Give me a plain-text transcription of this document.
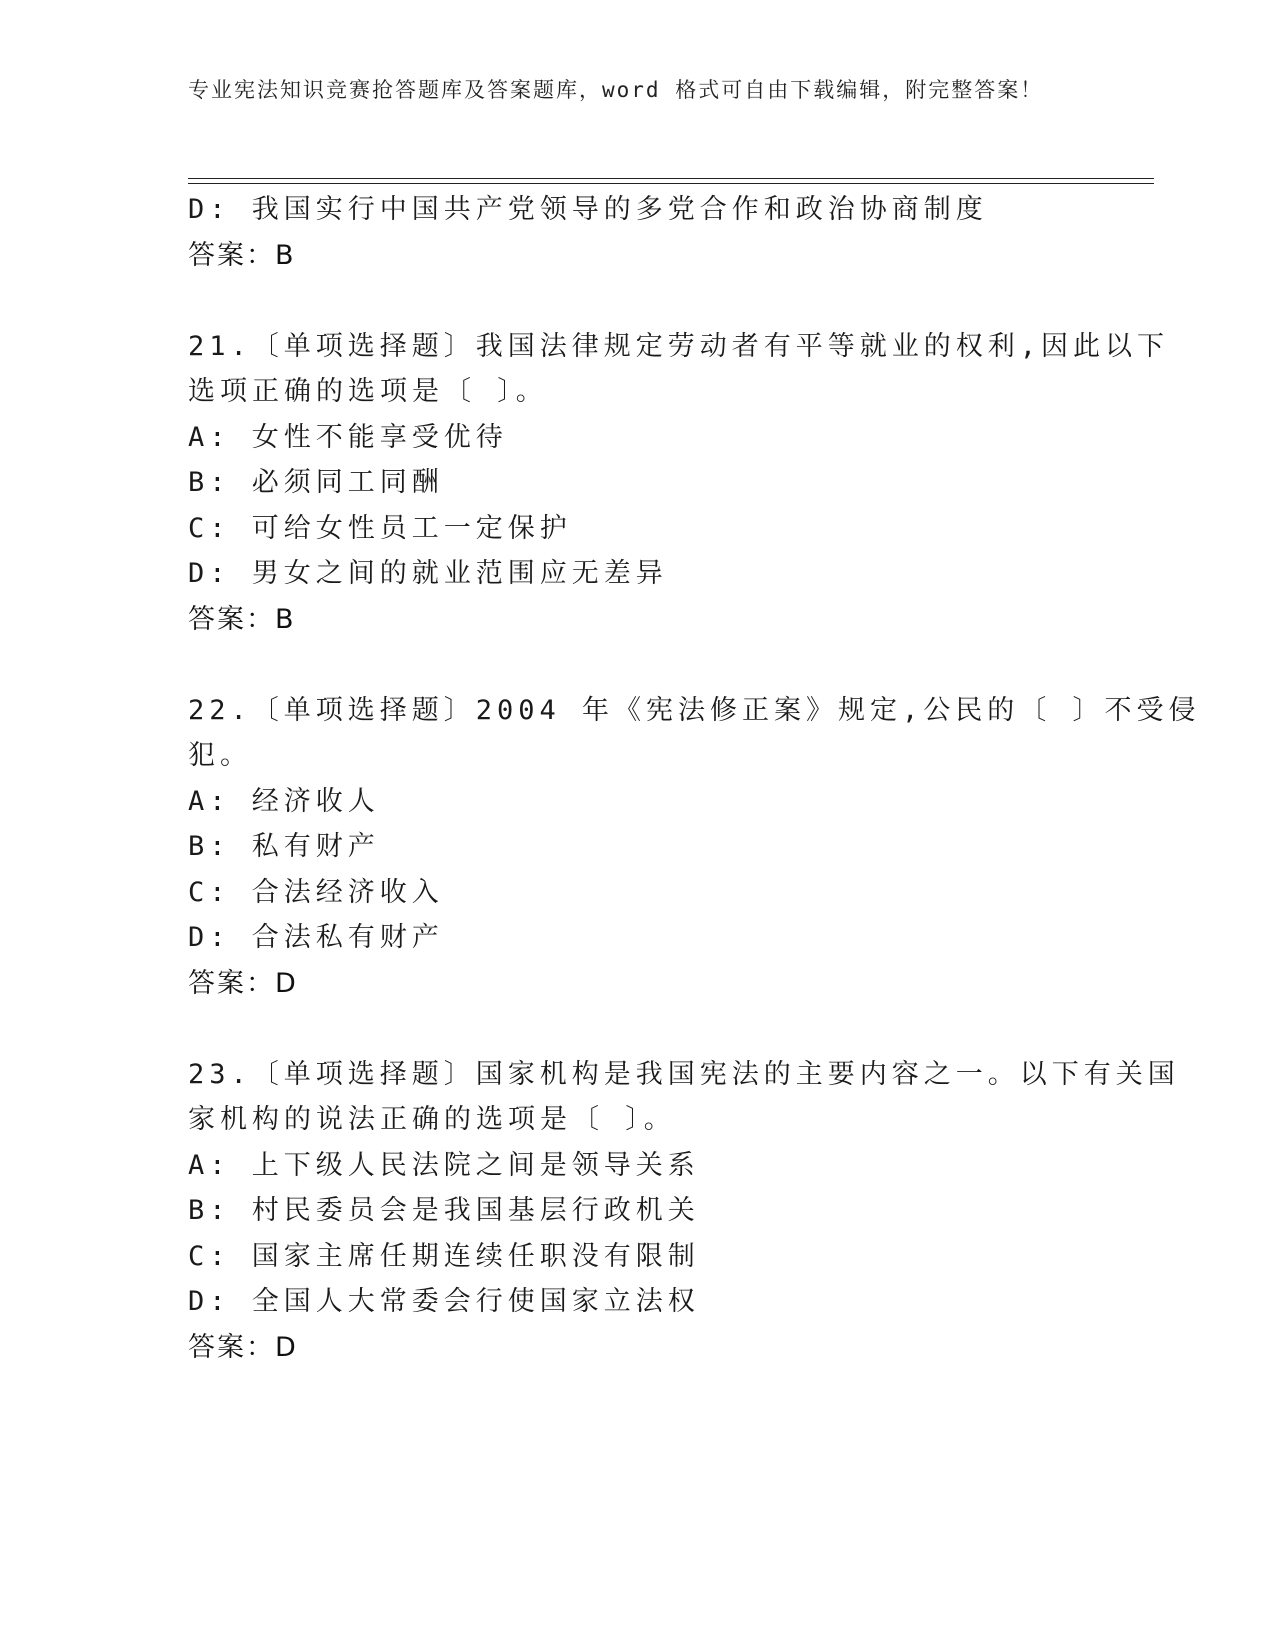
专业宪法知识竞赛抢答题库及答案题库，word 格式可自由下载编辑，附完整答案！
D: 我国实行中国共产党领导的多党合作和政治协商制度
答案：B
21.〔单项选择题〕我国法律规定劳动者有平等就业的权利,因此以下
选项正确的选项是〔 〕。
A: 女性不能享受优待
B: 必须同工同酬
C: 可给女性员工一定保护
D: 男女之间的就业范围应无差异
答案：B
22.〔单项选择题〕2004 年《宪法修正案》规定,公民的〔 〕不受侵
犯。
A: 经济收人
B: 私有财产
C: 合法经济收入
D: 合法私有财产
答案：D
23.〔单项选择题〕国家机构是我国宪法的主要内容之一。以下有关国
家机构的说法正确的选项是〔 〕。
A: 上下级人民法院之间是领导关系
B: 村民委员会是我国基层行政机关
C: 国家主席任期连续任职没有限制
D: 全国人大常委会行使国家立法权
答案：D
